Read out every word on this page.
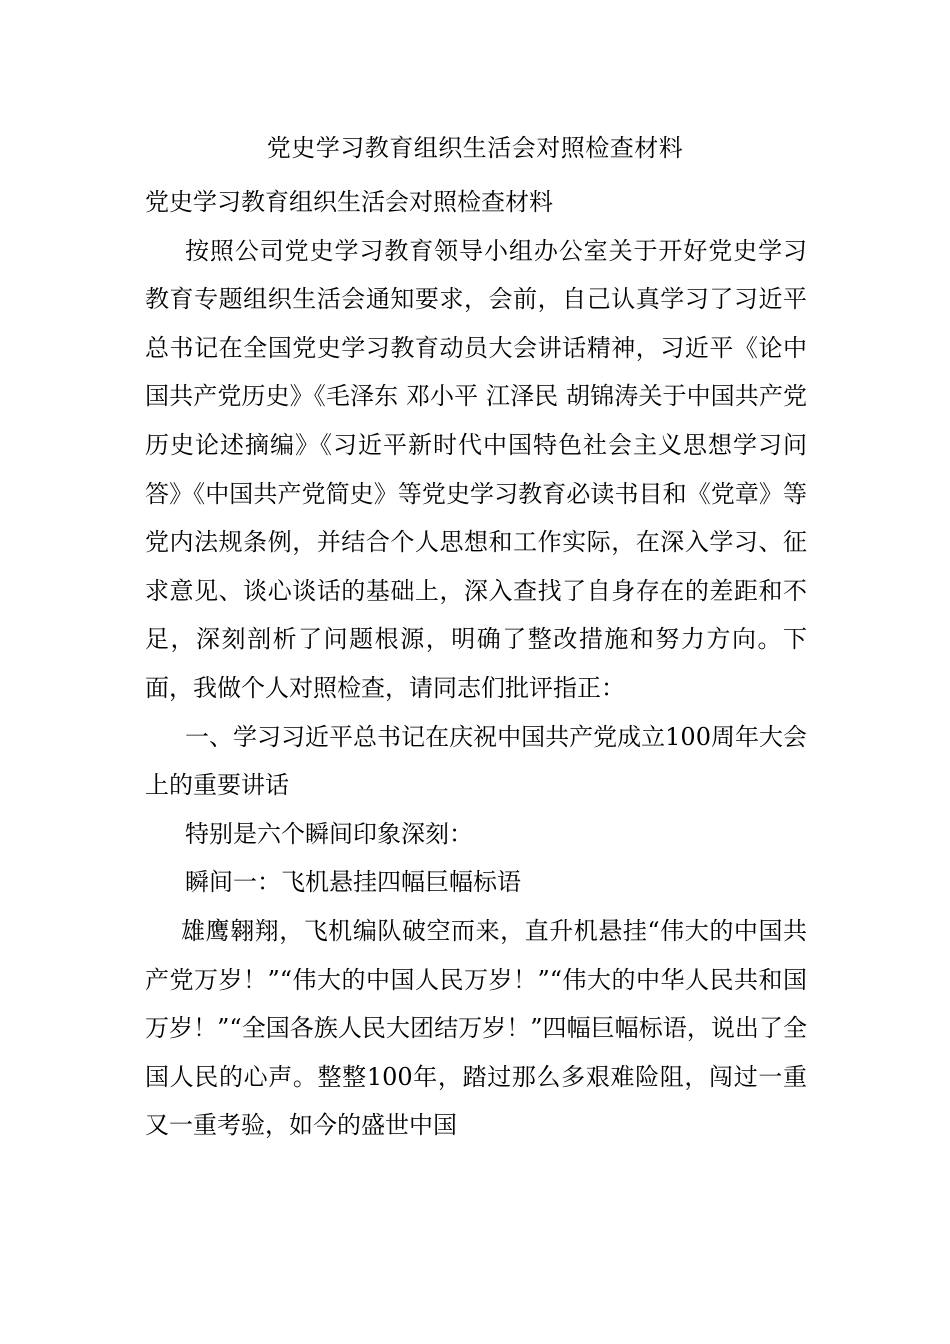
党史学习教育组织生活会对照检查材料

党史学习教育组织生活会对照检查材料

按照公司党史学习教育领导小组办公室关于开好党史学习教育专题组织生活会通知要求，会前，自己认真学习了习近平总书记在全国党史学习教育动员大会讲话精神，习近平《论中国共产党历史》《毛泽东 邓小平 江泽民 胡锦涛关于中国共产党历史论述摘编》《习近平新时代中国特色社会主义思想学习问答》《中国共产党简史》等党史学习教育必读书目和《党章》等党内法规条例，并结合个人思想和工作实际，在深入学习、征求意见、谈心谈话的基础上，深入查找了自身存在的差距和不足，深刻剖析了问题根源，明确了整改措施和努力方向。下面，我做个人对照检查，请同志们批评指正：

一、学习习近平总书记在庆祝中国共产党成立100周年大会上的重要讲话

特别是六个瞬间印象深刻：

瞬间一：飞机悬挂四幅巨幅标语

雄鹰翱翔，飞机编队破空而来，直升机悬挂“伟大的中国共产党万岁！”“伟大的中国人民万岁！”“伟大的中华人民共和国万岁！”“全国各族人民大团结万岁！”四幅巨幅标语，说出了全国人民的心声。整整100年，踏过那么多艰难险阻，闯过一重又一重考验，如今的盛世中国
